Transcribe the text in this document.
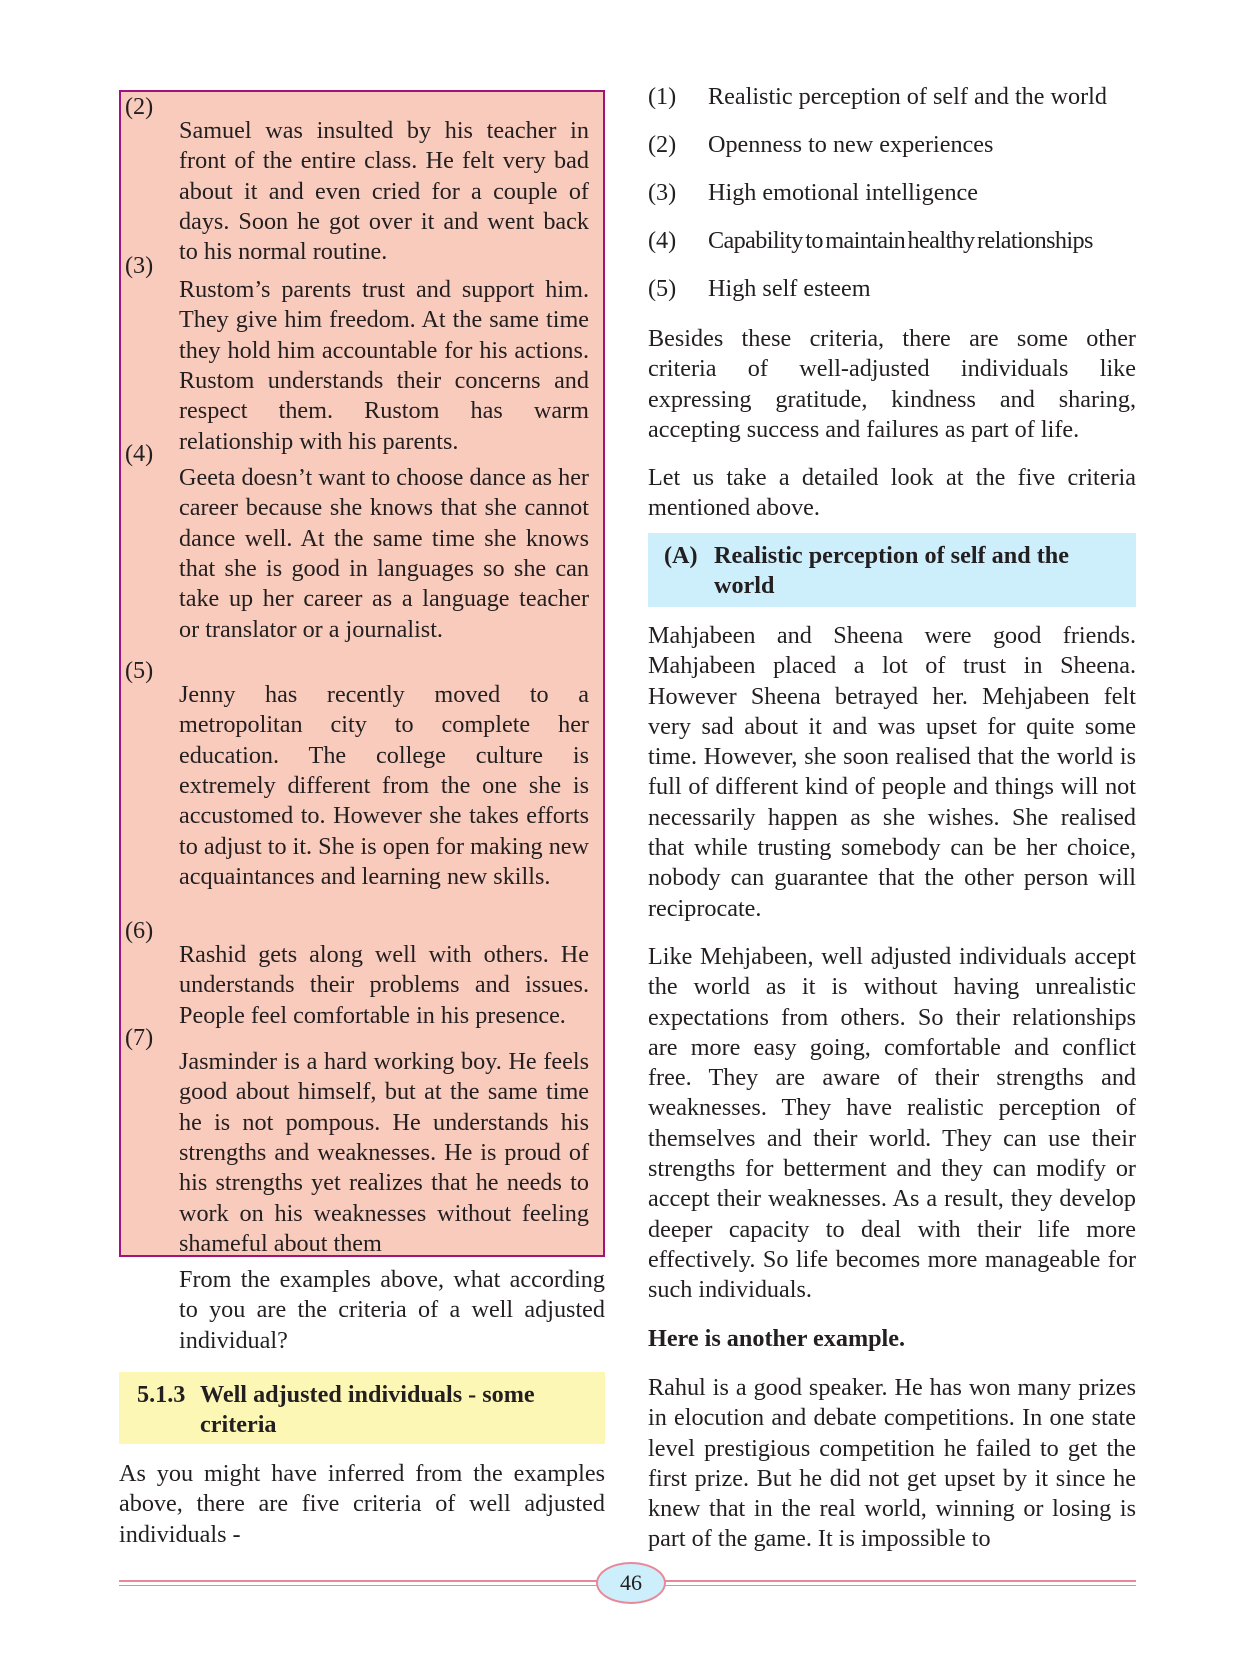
(2)

Samuel was insulted by his teacher in front of the entire class. He felt very bad about it and even cried for a couple of days. Soon he got over it and went back to his normal routine.

(3)

Rustom’s parents trust and support him. They give him freedom. At the same time they hold him accountable for his actions. Rustom understands their concerns and respect them. Rustom has warm relationship with his parents.

(4)

Geeta doesn’t want to choose dance as her career because she knows that she cannot dance well. At the same time she knows that she is good in languages so she can take up her career as a language teacher or translator or a journalist.

(5)

Jenny has recently moved to a metropolitan city to complete her education. The college culture is extremely different from the one she is accustomed to. However she takes efforts to adjust to it. She is open for making new acquaintances and learning new skills.

(6)

Rashid gets along well with others. He understands their problems and issues. People feel comfortable in his presence.

(7)

Jasminder is a hard working boy. He feels good about himself, but at the same time he is not pompous. He understands his strengths and weaknesses. He is proud of his strengths yet realizes that he needs to work on his weaknesses without feeling shameful about them

From the examples above, what according to you are the criteria of a well adjusted individual?

5.1.3 Well adjusted individuals - some criteria

As you might have inferred from the examples above, there are five criteria of well adjusted individuals -

(1) Realistic perception of self and the world
(2) Openness to new experiences
(3) High emotional intelligence
(4) Capability to maintain healthy relationships
(5) High self esteem

Besides these criteria, there are some other criteria of well-adjusted individuals like expressing gratitude, kindness and sharing, accepting success and failures as part of life.

Let us take a detailed look at the five criteria mentioned above.

(A) Realistic perception of self and the world

Mahjabeen and Sheena were good friends. Mahjabeen placed a lot of trust in Sheena. However Sheena betrayed her. Mehjabeen felt very sad about it and was upset for quite some time. However, she soon realised that the world is full of different kind of people and things will not necessarily happen as she wishes. She realised that while trusting somebody can be her choice, nobody can guarantee that the other person will reciprocate.

Like Mehjabeen, well adjusted individuals accept the world as it is without having unrealistic expectations from others. So their relationships are more easy going, comfortable and conflict free. They are aware of their strengths and weaknesses. They have realistic perception of themselves and their world. They can use their strengths for betterment and they can modify or accept their weaknesses. As a result, they develop deeper capacity to deal with their life more effectively. So life becomes more manageable for such individuals.

Here is another example.

Rahul is a good speaker. He has won many prizes in elocution and debate competitions. In one state level prestigious competition he failed to get the first prize. But he did not get upset by it since he knew that in the real world, winning or losing is part of the game. It is impossible to

46
